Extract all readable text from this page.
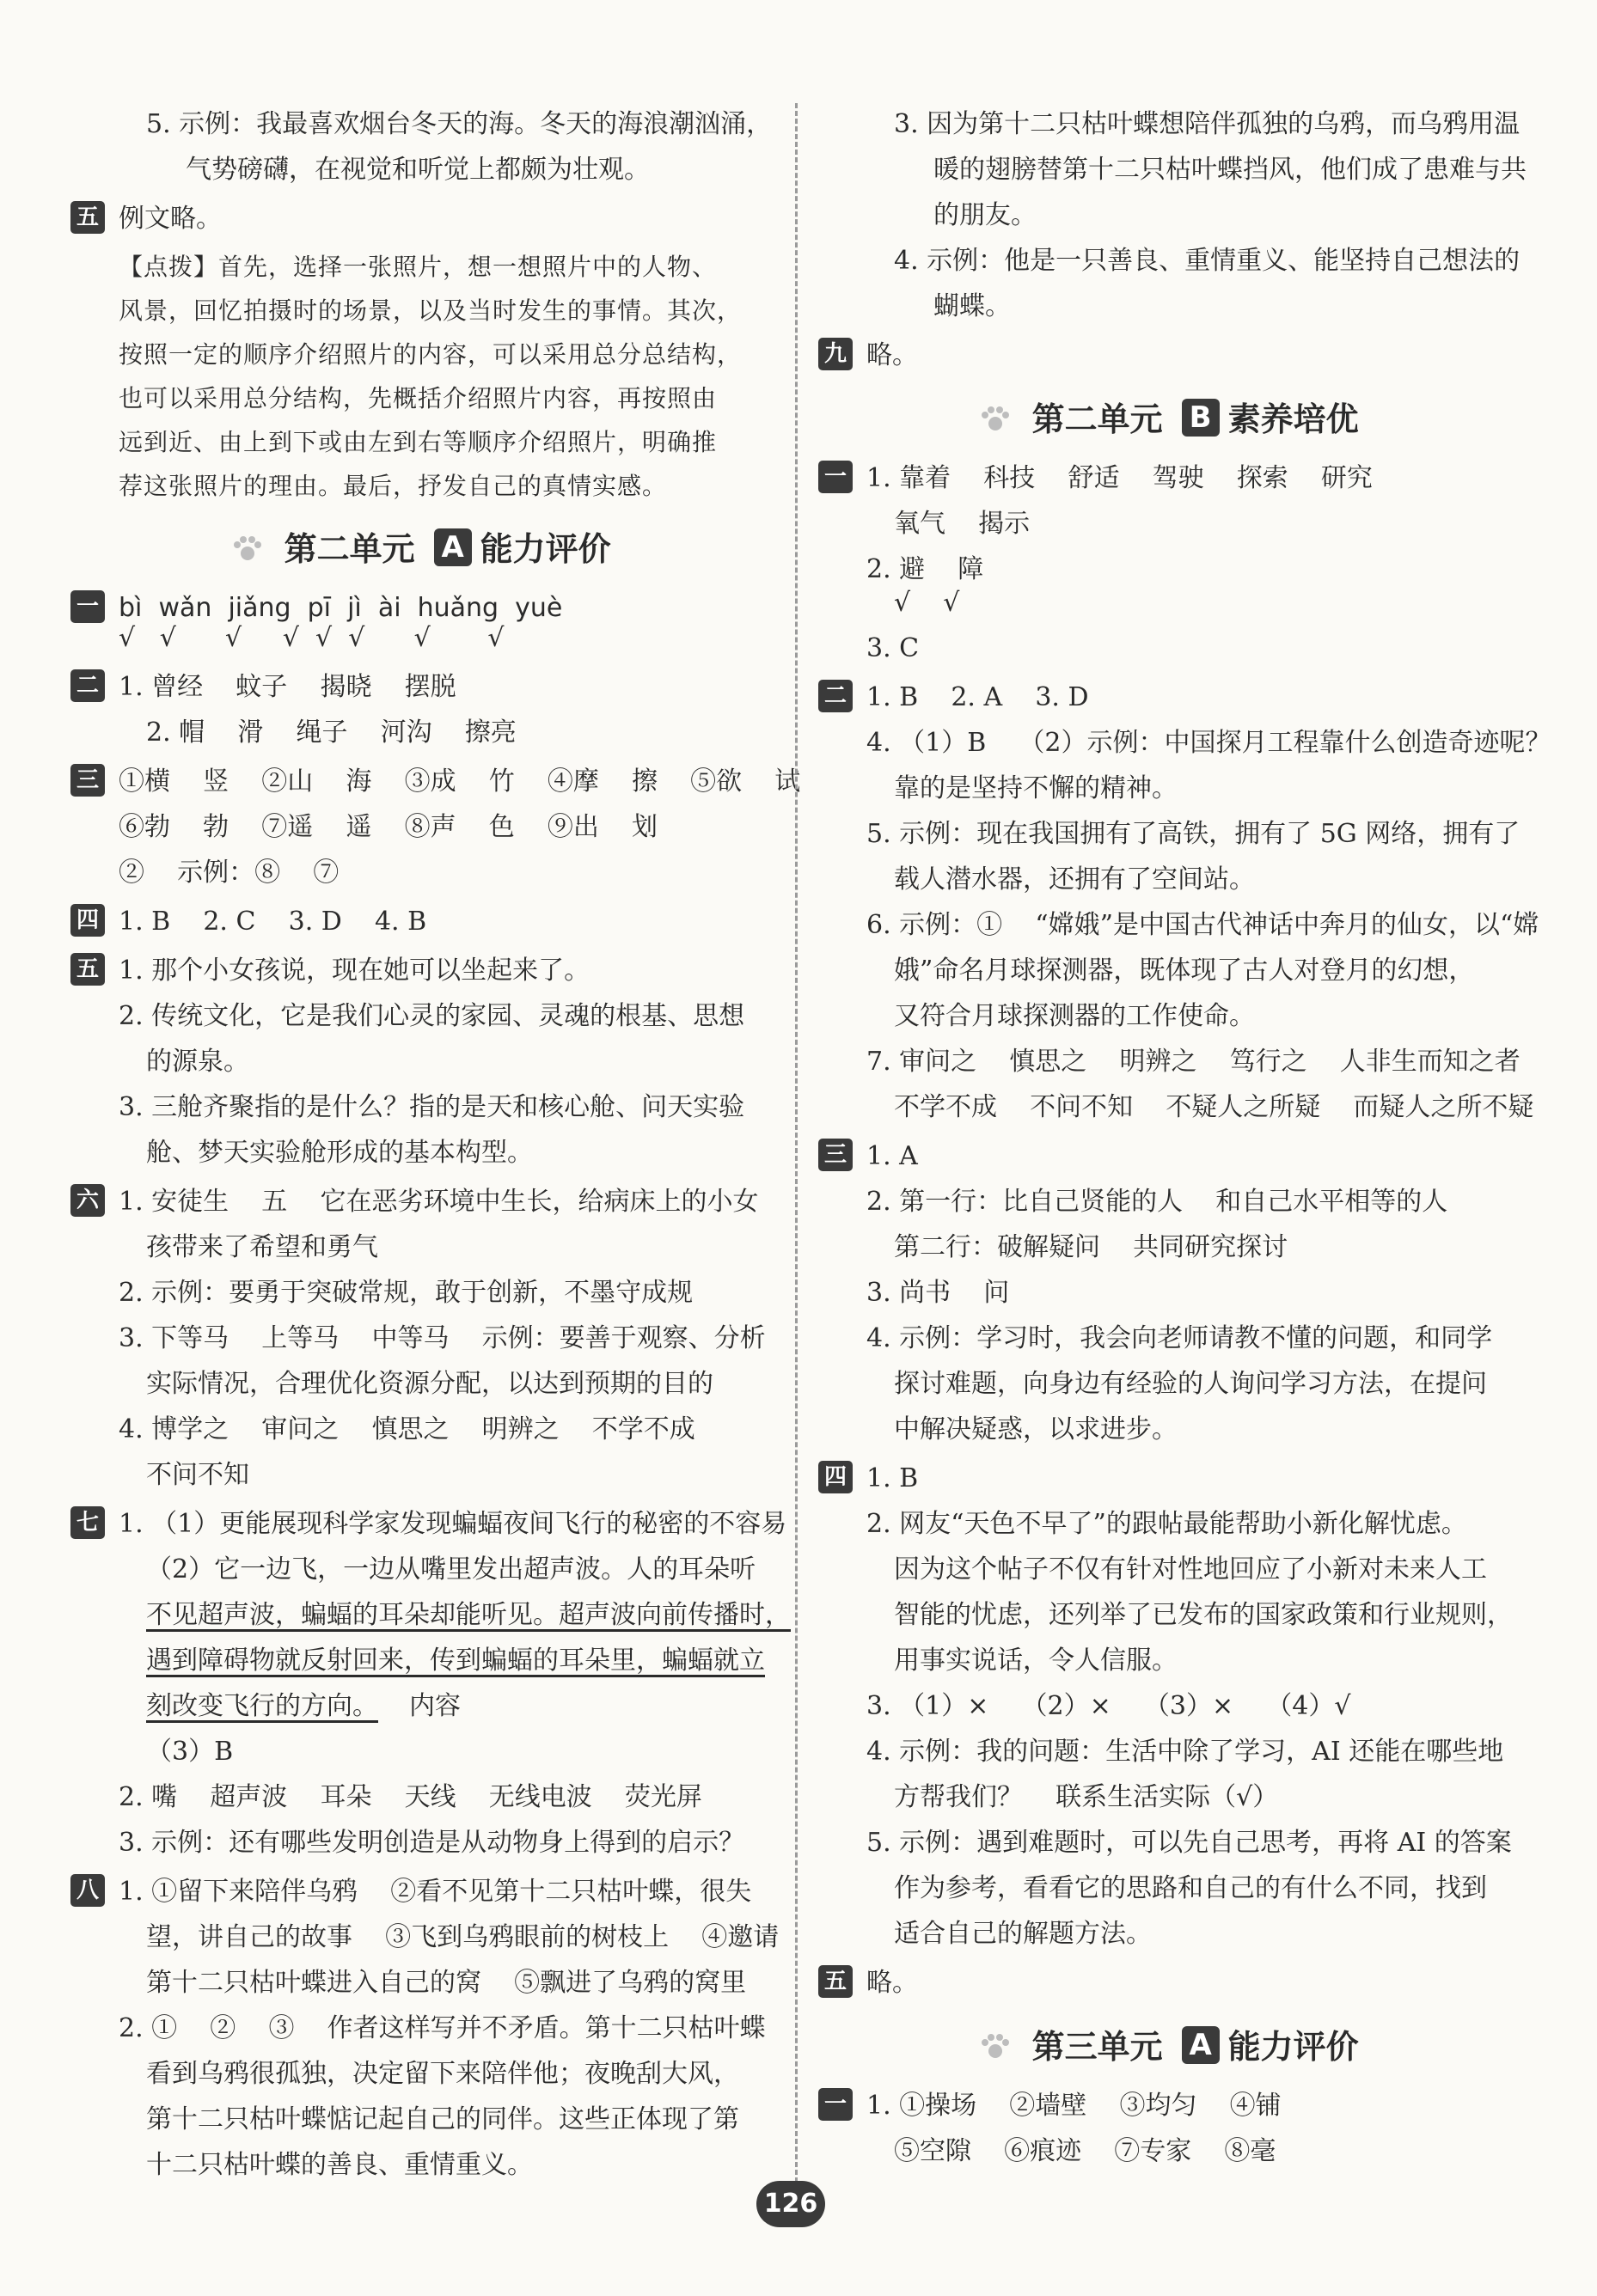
5. 示例：我最喜欢烟台冬天的海。冬天的海浪潮汹涌，
气势磅礴，在视觉和听觉上都颇为壮观。
五 例文略。
【点拨】首先，选择一张照片，想一想照片中的人物、
风景，回忆拍摄时的场景，以及当时发生的事情。其次，
按照一定的顺序介绍照片的内容，可以采用总分总结构，
也可以采用总分结构，先概括介绍照片内容，再按照由
远到近、由上到下或由左到右等顺序介绍照片，明确推
荐这张照片的理由。最后，抒发自己的真情实感。
第二单元 A 能力评价
一 bì  wǎn  jiǎng  pī  jì  ài  huǎng  yuè
√   √      √     √  √  √      √       √
二 1. 曾经    蚊子    揭晓    摆脱
2. 帽    滑    绳子    河沟    擦亮
三 ①横    竖    ②山    海    ③成    竹    ④摩    擦    ⑤欲    试
⑥勃    勃    ⑦遥    遥    ⑧声    色    ⑨出    划
②    示例：⑧    ⑦
四 1. B    2. C    3. D    4. B
五 1. 那个小女孩说，现在她可以坐起来了。
2. 传统文化，它是我们心灵的家园、灵魂的根基、思想
的源泉。
3. 三舱齐聚指的是什么？指的是天和核心舱、问天实验
舱、梦天实验舱形成的基本构型。
六 1. 安徒生    五    它在恶劣环境中生长，给病床上的小女
孩带来了希望和勇气
2. 示例：要勇于突破常规，敢于创新，不墨守成规
3. 下等马    上等马    中等马    示例：要善于观察、分析
实际情况，合理优化资源分配，以达到预期的目的
4. 博学之    审问之    慎思之    明辨之    不学不成
不问不知
七 1. （1）更能展现科学家发现蝙蝠夜间飞行的秘密的不容易
（2）它一边飞，一边从嘴里发出超声波。人的耳朵听
不见超声波，蝙蝠的耳朵却能听见。超声波向前传播时，
遇到障碍物就反射回来，传到蝙蝠的耳朵里，蝙蝠就立
刻改变飞行的方向。 内容
（3）B
2. 嘴    超声波    耳朵    天线    无线电波    荧光屏
3. 示例：还有哪些发明创造是从动物身上得到的启示？
八 1. ①留下来陪伴乌鸦    ②看不见第十二只枯叶蝶，很失
望，讲自己的故事    ③飞到乌鸦眼前的树枝上    ④邀请
第十二只枯叶蝶进入自己的窝    ⑤飘进了乌鸦的窝里
2. ①    ②    ③    作者这样写并不矛盾。第十二只枯叶蝶
看到乌鸦很孤独，决定留下来陪伴他；夜晚刮大风，
第十二只枯叶蝶惦记起自己的同伴。这些正体现了第
十二只枯叶蝶的善良、重情重义。
3. 因为第十二只枯叶蝶想陪伴孤独的乌鸦，而乌鸦用温
暖的翅膀替第十二只枯叶蝶挡风，他们成了患难与共
的朋友。
4. 示例：他是一只善良、重情重义、能坚持自己想法的
蝴蝶。
九 略。
第二单元 B 素养培优
一 1. 靠着    科技    舒适    驾驶    探索    研究
氧气    揭示
2. 避    障
√    √
3. C
二 1. B    2. A    3. D
4. （1）B    （2）示例：中国探月工程靠什么创造奇迹呢？
靠的是坚持不懈的精神。
5. 示例：现在我国拥有了高铁，拥有了 5G 网络，拥有了
载人潜水器，还拥有了空间站。
6. 示例：①    “嫦娥”是中国古代神话中奔月的仙女，以“嫦
娥”命名月球探测器，既体现了古人对登月的幻想，
又符合月球探测器的工作使命。
7. 审问之    慎思之    明辨之    笃行之    人非生而知之者
不学不成    不问不知    不疑人之所疑    而疑人之所不疑
三 1. A
2. 第一行：比自己贤能的人    和自己水平相等的人
第二行：破解疑问    共同研究探讨
3. 尚书    问
4. 示例：学习时，我会向老师请教不懂的问题，和同学
探讨难题，向身边有经验的人询问学习方法，在提问
中解决疑惑，以求进步。
四 1. B
2. 网友“天色不早了”的跟帖最能帮助小新化解忧虑。
因为这个帖子不仅有针对性地回应了小新对未来人工
智能的忧虑，还列举了已发布的国家政策和行业规则，
用事实说话，令人信服。
3. （1）×    （2）×    （3）×    （4）√
4. 示例：我的问题：生活中除了学习，AI 还能在哪些地
方帮我们？    联系生活实际（√）
5. 示例：遇到难题时，可以先自己思考，再将 AI 的答案
作为参考，看看它的思路和自己的有什么不同，找到
适合自己的解题方法。
五 略。
第三单元 A 能力评价
一 1. ①操场    ②墙壁    ③均匀    ④铺
⑤空隙    ⑥痕迹    ⑦专家    ⑧毫
126
